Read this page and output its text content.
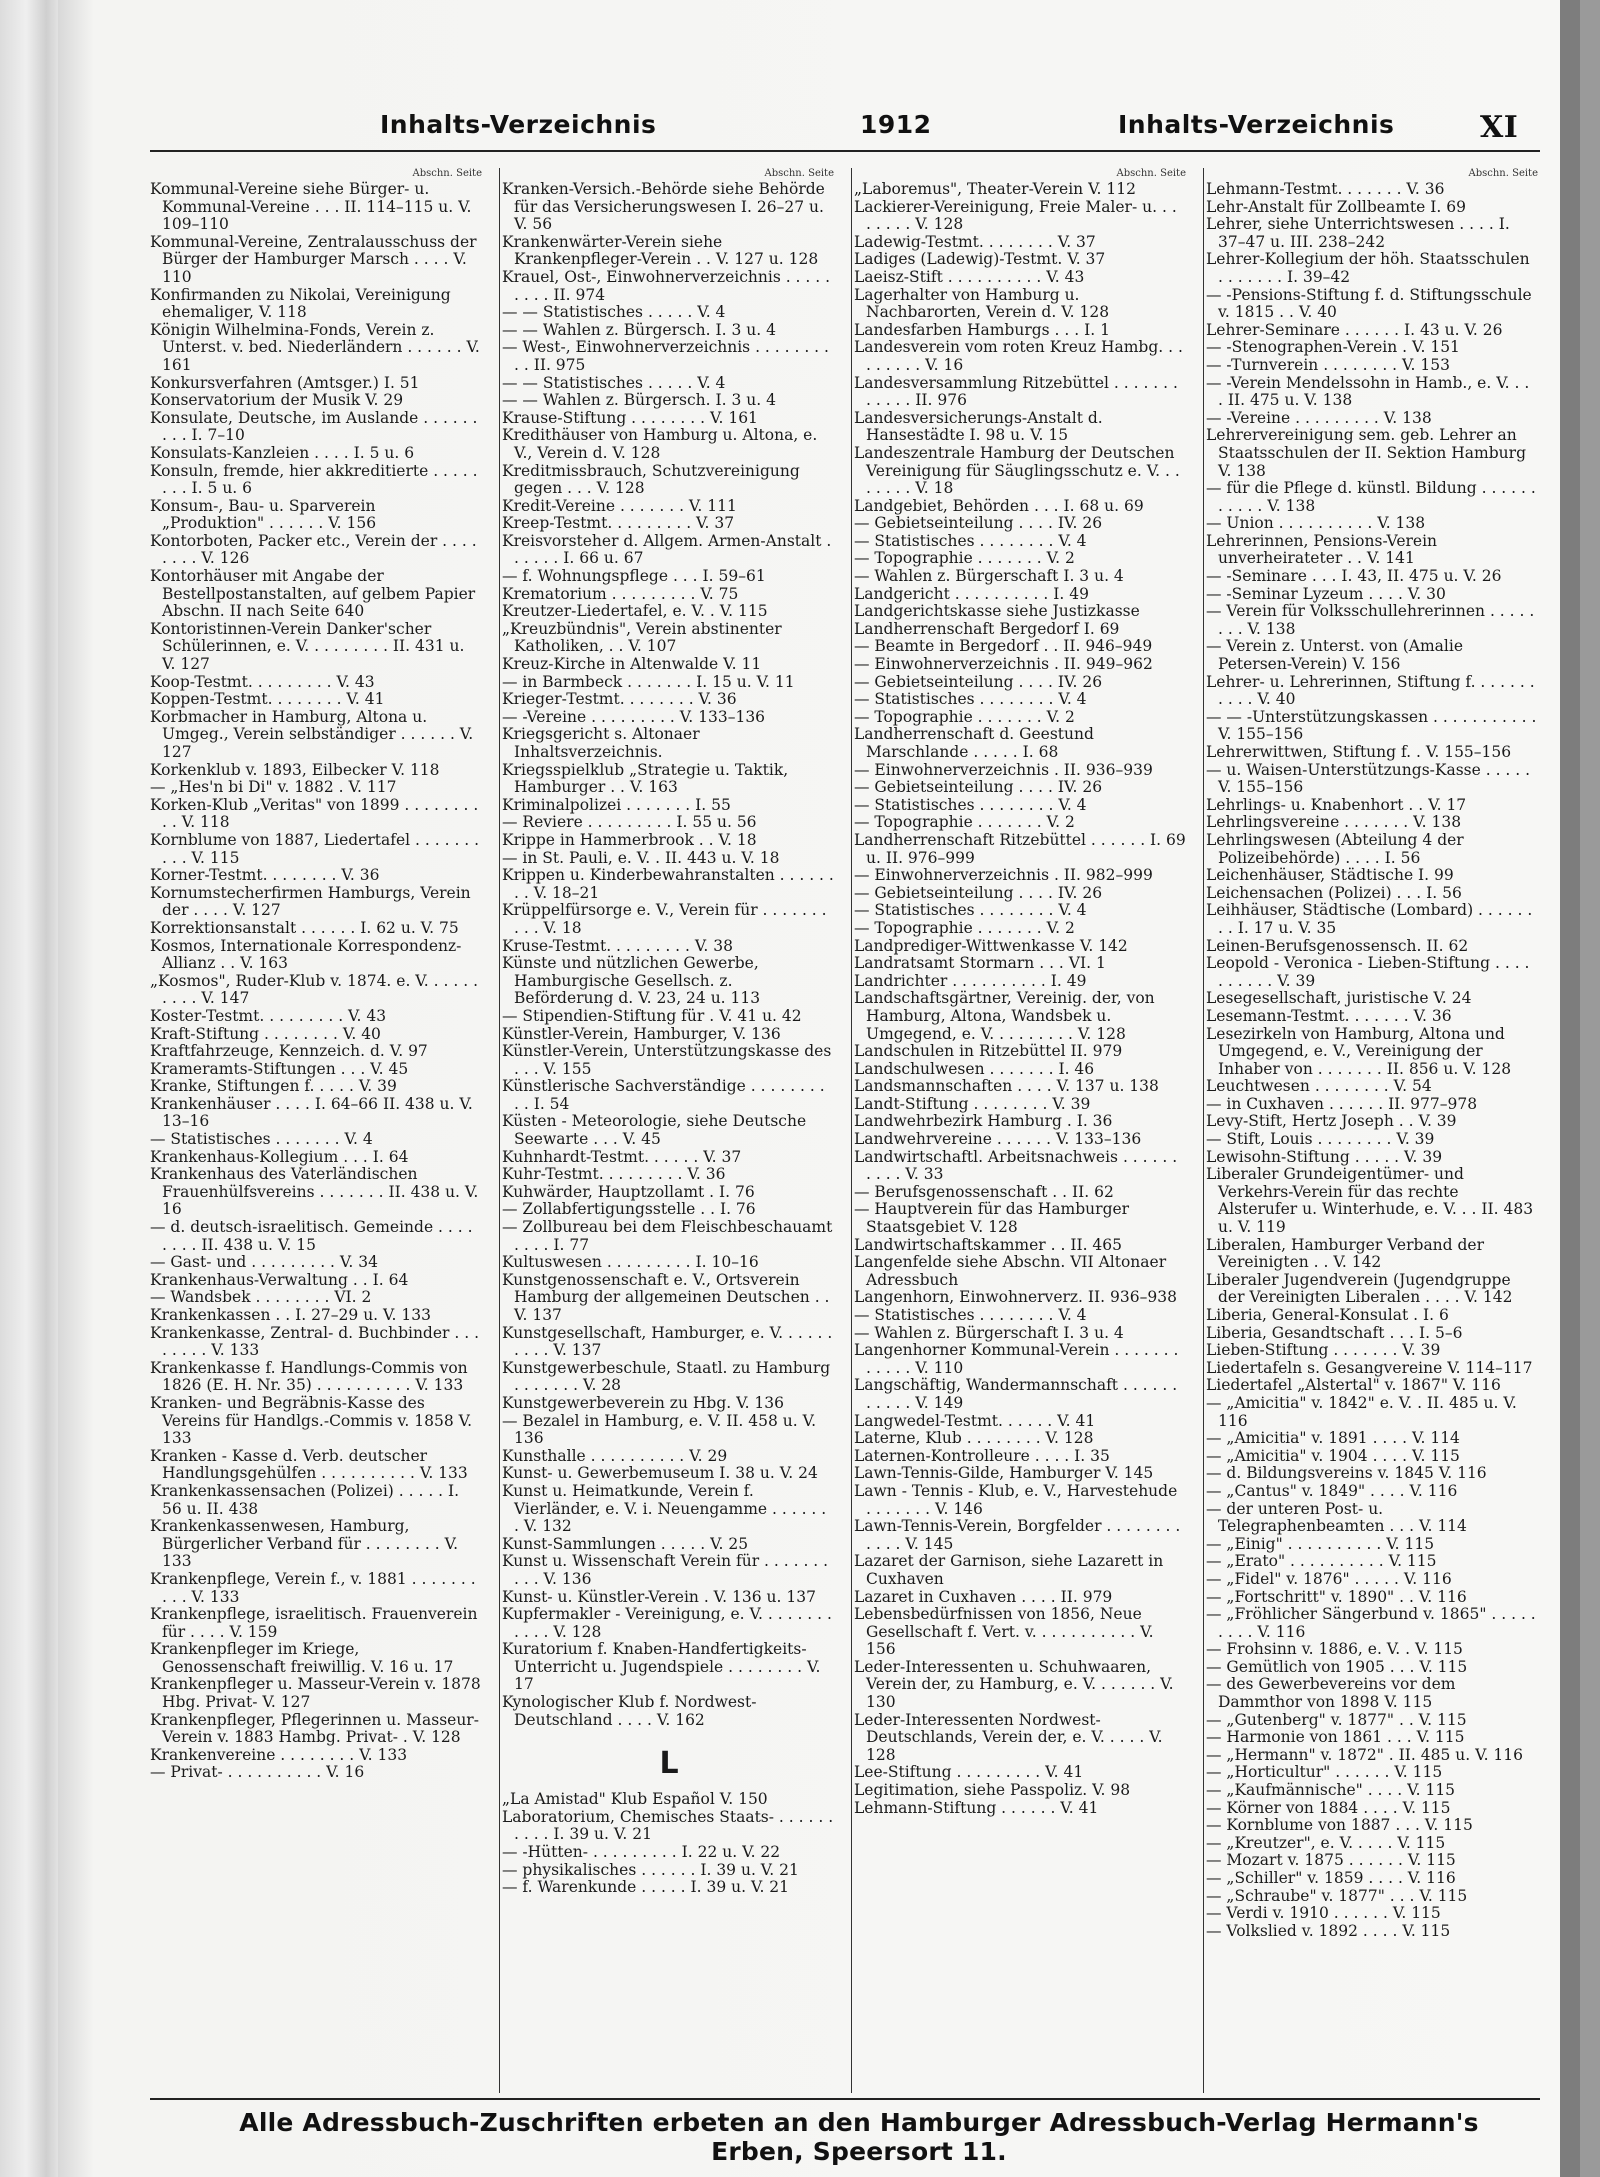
Inhalts-Verzeichnis	1912	Inhalts-Verzeichnis	XI
Abschn. Seite
Kommunal-Vereine siehe Bürger- u. Kommunal-Vereine . . . II. 114–115 u. V. 109–110
Kommunal-Vereine, Zentralausschuss der Bürger der Hamburger Marsch . . . . V. 110
Konfirmanden zu Nikolai, Vereinigung ehemaliger, V. 118
Königin Wilhelmina-Fonds, Verein z. Unterst. v. bed. Niederländern . . . . . . V. 161
Konkursverfahren (Amtsger.) I. 51
Konservatorium der Musik V. 29
Konsulate, Deutsche, im Auslande . . . . . . . . . I. 7–10
Konsulats-Kanzleien . . . . I. 5 u. 6
Konsuln, fremde, hier akkreditierte . . . . . . . . I. 5 u. 6
Konsum-, Bau- u. Sparverein „Produktion" . . . . . . V. 156
Kontorboten, Packer etc., Verein der . . . . . . . . V. 126
Kontorhäuser mit Angabe der Bestellpostanstalten, auf gelbem Papier Abschn. II nach Seite 640
Kontoristinnen-Verein Danker'scher Schülerinnen, e. V. . . . . . . . . II. 431 u. V. 127
Koop-Testmt. . . . . . . . . V. 43
Koppen-Testmt. . . . . . . . V. 41
Korbmacher in Hamburg, Altona u. Umgeg., Verein selbständiger . . . . . . V. 127
Korkenklub v. 1893, Eilbecker V. 118
— „Hes'n bi Di" v. 1882 . V. 117
Korken-Klub „Veritas" von 1899 . . . . . . . . . . V. 118
Kornblume von 1887, Liedertafel . . . . . . . . . . V. 115
Korner-Testmt. . . . . . . . V. 36
Kornumstecherfirmen Hamburgs, Verein der . . . . V. 127
Korrektionsanstalt . . . . . . I. 62 u. V. 75
Kosmos, Internationale Korrespondenz-Allianz . . V. 163
„Kosmos", Ruder-Klub v. 1874. e. V. . . . . . . . . . V. 147
Koster-Testmt. . . . . . . . . V. 43
Kraft-Stiftung . . . . . . . . V. 40
Kraftfahrzeuge, Kennzeich. d. V. 97
Krameramts-Stiftungen . . . V. 45
Kranke, Stiftungen f. . . . . V. 39
Krankenhäuser . . . . I. 64–66 II. 438 u. V. 13–16
— Statistisches . . . . . . . V. 4
Krankenhaus-Kollegium . . . I. 64
Krankenhaus des Vaterländischen Frauenhülfsvereins . . . . . . . II. 438 u. V. 16
— d. deutsch-israelitisch. Gemeinde . . . . . . . . II. 438 u. V. 15
— Gast- und . . . . . . . . . V. 34
Krankenhaus-Verwaltung . . I. 64
— Wandsbek . . . . . . . . VI. 2
Krankenkassen . . I. 27–29 u. V. 133
Krankenkasse, Zentral- d. Buchbinder . . . . . . . . V. 133
Krankenkasse f. Handlungs-Commis von 1826 (E. H. Nr. 35) . . . . . . . . . . V. 133
Kranken- und Begräbnis-Kasse des Vereins für Handlgs.-Commis v. 1858 V. 133
Kranken - Kasse d. Verb. deutscher Handlungsgehülfen . . . . . . . . . . V. 133
Krankenkassensachen (Polizei) . . . . . I. 56 u. II. 438
Krankenkassenwesen, Hamburg, Bürgerlicher Verband für . . . . . . . . V. 133
Krankenpflege, Verein f., v. 1881 . . . . . . . . . . V. 133
Krankenpflege, israelitisch. Frauenverein für . . . . V. 159
Krankenpfleger im Kriege, Genossenschaft freiwillig. V. 16 u. 17
Krankenpfleger u. Masseur-Verein v. 1878 Hbg. Privat- V. 127
Krankenpfleger, Pflegerinnen u. Masseur-Verein v. 1883 Hambg. Privat- . V. 128
Krankenvereine . . . . . . . . V. 133
— Privat- . . . . . . . . . . V. 16
Abschn. Seite
Kranken-Versich.-Behörde siehe Behörde für das Versicherungswesen I. 26–27 u. V. 56
Krankenwärter-Verein siehe Krankenpfleger-Verein . . V. 127 u. 128
Krauel, Ost-, Einwohnerverzeichnis . . . . . . . . . II. 974
— — Statistisches . . . . . V. 4
— — Wahlen z. Bürgersch. I. 3 u. 4
— West-, Einwohnerverzeichnis . . . . . . . . . . II. 975
— — Statistisches . . . . . V. 4
— — Wahlen z. Bürgersch. I. 3 u. 4
Krause-Stiftung . . . . . . . . V. 161
Kredithäuser von Hamburg u. Altona, e. V., Verein d. V. 128
Kreditmissbrauch, Schutzvereinigung gegen . . . V. 128
Kredit-Vereine . . . . . . . V. 111
Kreep-Testmt. . . . . . . . . V. 37
Kreisvorsteher d. Allgem. Armen-Anstalt . . . . . . I. 66 u. 67
— f. Wohnungspflege . . . I. 59–61
Krematorium . . . . . . . . . V. 75
Kreutzer-Liedertafel, e. V. . V. 115
„Kreuzbündnis", Verein abstinenter Katholiken, . . V. 107
Kreuz-Kirche in Altenwalde V. 11
— in Barmbeck . . . . . . . I. 15 u. V. 11
Krieger-Testmt. . . . . . . . V. 36
— -Vereine . . . . . . . . . V. 133–136
Kriegsgericht s. Altonaer Inhaltsverzeichnis.
Kriegsspielklub „Strategie u. Taktik, Hamburger . . V. 163
Kriminalpolizei . . . . . . . I. 55
— Reviere . . . . . . . . . I. 55 u. 56
Krippe in Hammerbrook . . V. 18
— in St. Pauli, e. V. . II. 443 u. V. 18
Krippen u. Kinderbewahranstalten . . . . . . . . V. 18–21
Krüppelfürsorge e. V., Verein für . . . . . . . . . . V. 18
Kruse-Testmt. . . . . . . . . V. 38
Künste und nützlichen Gewerbe, Hamburgische Gesellsch. z. Beförderung d. V. 23, 24 u. 113
— Stipendien-Stiftung für . V. 41 u. 42
Künstler-Verein, Hamburger, V. 136
Künstler-Verein, Unterstützungskasse des . . . V. 155
Künstlerische Sachverständige . . . . . . . . . . I. 54
Küsten - Meteorologie, siehe Deutsche Seewarte . . . V. 45
Kuhnhardt-Testmt. . . . . . V. 37
Kuhr-Testmt. . . . . . . . . V. 36
Kuhwärder, Hauptzollamt . I. 76
— Zollabfertigungsstelle . . I. 76
— Zollbureau bei dem Fleischbeschauamt . . . . I. 77
Kultuswesen . . . . . . . . . I. 10–16
Kunstgenossenschaft e. V., Ortsverein Hamburg der allgemeinen Deutschen . . V. 137
Kunstgesellschaft, Hamburger, e. V. . . . . . . . . . V. 137
Kunstgewerbeschule, Staatl. zu Hamburg . . . . . . . V. 28
Kunstgewerbeverein zu Hbg. V. 136
— Bezalel in Hamburg, e. V. II. 458 u. V. 136
Kunsthalle . . . . . . . . . . V. 29
Kunst- u. Gewerbemuseum I. 38 u. V. 24
Kunst u. Heimatkunde, Verein f. Vierländer, e. V. i. Neuengamme . . . . . . . V. 132
Kunst-Sammlungen . . . . . V. 25
Kunst u. Wissenschaft Verein für . . . . . . . . . . V. 136
Kunst- u. Künstler-Verein . V. 136 u. 137
Kupfermakler - Vereinigung, e. V. . . . . . . . . . . . V. 128
Kuratorium f. Knaben-Handfertigkeits-Unterricht u. Jugendspiele . . . . . . . . V. 17
Kynologischer Klub f. Nordwest-Deutschland . . . . V. 162
L
„La Amistad" Klub Español V. 150
Laboratorium, Chemisches Staats- . . . . . . . . . . I. 39 u. V. 21
— -Hütten- . . . . . . . . . I. 22 u. V. 22
— physikalisches . . . . . . I. 39 u. V. 21
— f. Warenkunde . . . . . I. 39 u. V. 21
Abschn. Seite
„Laboremus", Theater-Verein V. 112
Lackierer-Vereinigung, Freie Maler- u. . . . . . . . V. 128
Ladewig-Testmt. . . . . . . . V. 37
Ladiges (Ladewig)-Testmt. V. 37
Laeisz-Stift . . . . . . . . . . V. 43
Lagerhalter von Hamburg u. Nachbarorten, Verein d. V. 128
Landesfarben Hamburgs . . . I. 1
Landesverein vom roten Kreuz Hambg. . . . . . . . . V. 16
Landesversammlung Ritzebüttel . . . . . . . . . . . . II. 976
Landesversicherungs-Anstalt d. Hansestädte I. 98 u. V. 15
Landeszentrale Hamburg der Deutschen Vereinigung für Säuglingsschutz e. V. . . . . . . . V. 18
Landgebiet, Behörden . . . I. 68 u. 69
— Gebietseinteilung . . . . IV. 26
— Statistisches . . . . . . . . V. 4
— Topographie . . . . . . . V. 2
— Wahlen z. Bürgerschaft I. 3 u. 4
Landgericht . . . . . . . . . . I. 49
Landgerichtskasse siehe Justizkasse
Landherrenschaft Bergedorf I. 69
— Beamte in Bergedorf . . II. 946–949
— Einwohnerverzeichnis . II. 949–962
— Gebietseinteilung . . . . IV. 26
— Statistisches . . . . . . . . V. 4
— Topographie . . . . . . . V. 2
Landherrenschaft d. Geestund Marschlande . . . . . I. 68
— Einwohnerverzeichnis . II. 936–939
— Gebietseinteilung . . . . IV. 26
— Statistisches . . . . . . . . V. 4
— Topographie . . . . . . . V. 2
Landherrenschaft Ritzebüttel . . . . . . I. 69 u. II. 976–999
— Einwohnerverzeichnis . II. 982–999
— Gebietseinteilung . . . . IV. 26
— Statistisches . . . . . . . . V. 4
— Topographie . . . . . . . V. 2
Landprediger-Wittwenkasse V. 142
Landratsamt Stormarn . . . VI. 1
Landrichter . . . . . . . . . . I. 49
Landschaftsgärtner, Vereinig. der, von Hamburg, Altona, Wandsbek u. Umgegend, e. V. . . . . . . . . V. 128
Landschulen in Ritzebüttel II. 979
Landschulwesen . . . . . . . I. 46
Landsmannschaften . . . . V. 137 u. 138
Landt-Stiftung . . . . . . . . V. 39
Landwehrbezirk Hamburg . I. 36
Landwehrvereine . . . . . . V. 133–136
Landwirtschaftl. Arbeitsnachweis . . . . . . . . . . V. 33
— Berufsgenossenschaft . . II. 62
— Hauptverein für das Hamburger Staatsgebiet V. 128
Landwirtschaftskammer . . II. 465
Langenfelde siehe Abschn. VII Altonaer Adressbuch
Langenhorn, Einwohnerverz. II. 936–938
— Statistisches . . . . . . . . V. 4
— Wahlen z. Bürgerschaft I. 3 u. 4
Langenhorner Kommunal-Verein . . . . . . . . . . . . V. 110
Langschäftig, Wandermannschaft . . . . . . . . . . . V. 149
Langwedel-Testmt. . . . . . V. 41
Laterne, Klub . . . . . . . . V. 128
Laternen-Kontrolleure . . . . I. 35
Lawn-Tennis-Gilde, Hamburger V. 145
Lawn - Tennis - Klub, e. V., Harvestehude . . . . . . . V. 146
Lawn-Tennis-Verein, Borgfelder . . . . . . . . . . . . V. 145
Lazaret der Garnison, siehe Lazarett in Cuxhaven
Lazaret in Cuxhaven . . . . II. 979
Lebensbedürfnissen von 1856, Neue Gesellschaft f. Vert. v. . . . . . . . . . . V. 156
Leder-Interessenten u. Schuhwaaren, Verein der, zu Hamburg, e. V. . . . . . . V. 130
Leder-Interessenten Nordwest-Deutschlands, Verein der, e. V. . . . . V. 128
Lee-Stiftung . . . . . . . . . V. 41
Legitimation, siehe Passpoliz. V. 98
Lehmann-Stiftung . . . . . . V. 41
Abschn. Seite
Lehmann-Testmt. . . . . . . V. 36
Lehr-Anstalt für Zollbeamte I. 69
Lehrer, siehe Unterrichtswesen . . . . I. 37–47 u. III. 238–242
Lehrer-Kollegium der höh. Staatsschulen . . . . . . . I. 39–42
— -Pensions-Stiftung f. d. Stiftungsschule v. 1815 . . V. 40
Lehrer-Seminare . . . . . . I. 43 u. V. 26
— -Stenographen-Verein . V. 151
— -Turnverein . . . . . . . . V. 153
— -Verein Mendelssohn in Hamb., e. V. . . . II. 475 u. V. 138
— -Vereine . . . . . . . . . V. 138
Lehrervereinigung sem. geb. Lehrer an Staatsschulen der II. Sektion Hamburg V. 138
— für die Pflege d. künstl. Bildung . . . . . . . . . . . V. 138
— Union . . . . . . . . . . V. 138
Lehrerinnen, Pensions-Verein unverheirateter . . V. 141
— -Seminare . . . I. 43, II. 475 u. V. 26
— -Seminar Lyzeum . . . . V. 30
— Verein für Volksschullehrerinnen . . . . . . . . V. 138
— Verein z. Unterst. von (Amalie Petersen-Verein) V. 156
Lehrer- u. Lehrerinnen, Stiftung f. . . . . . . . . . . V. 40
— — -Unterstützungskassen . . . . . . . . . . . V. 155–156
Lehrerwittwen, Stiftung f. . V. 155–156
— u. Waisen-Unterstützungs-Kasse . . . . . V. 155–156
Lehrlings- u. Knabenhort . . V. 17
Lehrlingsvereine . . . . . . . V. 138
Lehrlingswesen (Abteilung 4 der Polizeibehörde) . . . . I. 56
Leichenhäuser, Städtische I. 99
Leichensachen (Polizei) . . . I. 56
Leihhäuser, Städtische (Lombard) . . . . . . . . I. 17 u. V. 35
Leinen-Berufsgenossensch. II. 62
Leopold - Veronica - Lieben-Stiftung . . . . . . . . . . V. 39
Lesegesellschaft, juristische V. 24
Lesemann-Testmt. . . . . . . V. 36
Lesezirkeln von Hamburg, Altona und Umgegend, e. V., Vereinigung der Inhaber von . . . . . . . II. 856 u. V. 128
Leuchtwesen . . . . . . . . V. 54
— in Cuxhaven . . . . . . II. 977–978
Levy-Stift, Hertz Joseph . . V. 39
— Stift, Louis . . . . . . . . V. 39
Lewisohn-Stiftung . . . . . V. 39
Liberaler Grundeigentümer- und Verkehrs-Verein für das rechte Alsterufer u. Winterhude, e. V. . . II. 483 u. V. 119
Liberalen, Hamburger Verband der Vereinigten . . V. 142
Liberaler Jugendverein (Jugendgruppe der Vereinigten Liberalen . . . . V. 142
Liberia, General-Konsulat . I. 6
Liberia, Gesandtschaft . . . I. 5–6
Lieben-Stiftung . . . . . . . V. 39
Liedertafeln s. Gesangvereine V. 114–117
Liedertafel „Alstertal" v. 1867" V. 116
— „Amicitia" v. 1842" e. V. . II. 485 u. V. 116
— „Amicitia" v. 1891 . . . . V. 114
— „Amicitia" v. 1904 . . . . V. 115
— d. Bildungsvereins v. 1845 V. 116
— „Cantus" v. 1849" . . . . V. 116
— der unteren Post- u. Telegraphenbeamten . . . V. 114
— „Einig" . . . . . . . . . . V. 115
— „Erato" . . . . . . . . . . V. 115
— „Fidel" v. 1876" . . . . . V. 116
— „Fortschritt" v. 1890" . . V. 116
— „Fröhlicher Sängerbund v. 1865" . . . . . . . . . V. 116
— Frohsinn v. 1886, e. V. . V. 115
— Gemütlich von 1905 . . . V. 115
— des Gewerbevereins vor dem Dammthor von 1898 V. 115
— „Gutenberg" v. 1877" . . V. 115
— Harmonie von 1861 . . . V. 115
— „Hermann" v. 1872" . II. 485 u. V. 116
— „Horticultur" . . . . . . V. 115
— „Kaufmännische" . . . . V. 115
— Körner von 1884 . . . . V. 115
— Kornblume von 1887 . . . V. 115
— „Kreutzer", e. V. . . . . V. 115
— Mozart v. 1875 . . . . . . V. 115
— „Schiller" v. 1859 . . . . V. 116
— „Schraube" v. 1877" . . . V. 115
— Verdi v. 1910 . . . . . . V. 115
— Volkslied v. 1892 . . . . V. 115
Alle Adressbuch-Zuschriften erbeten an den Hamburger Adressbuch-Verlag Hermann's Erben, Speersort 11.
